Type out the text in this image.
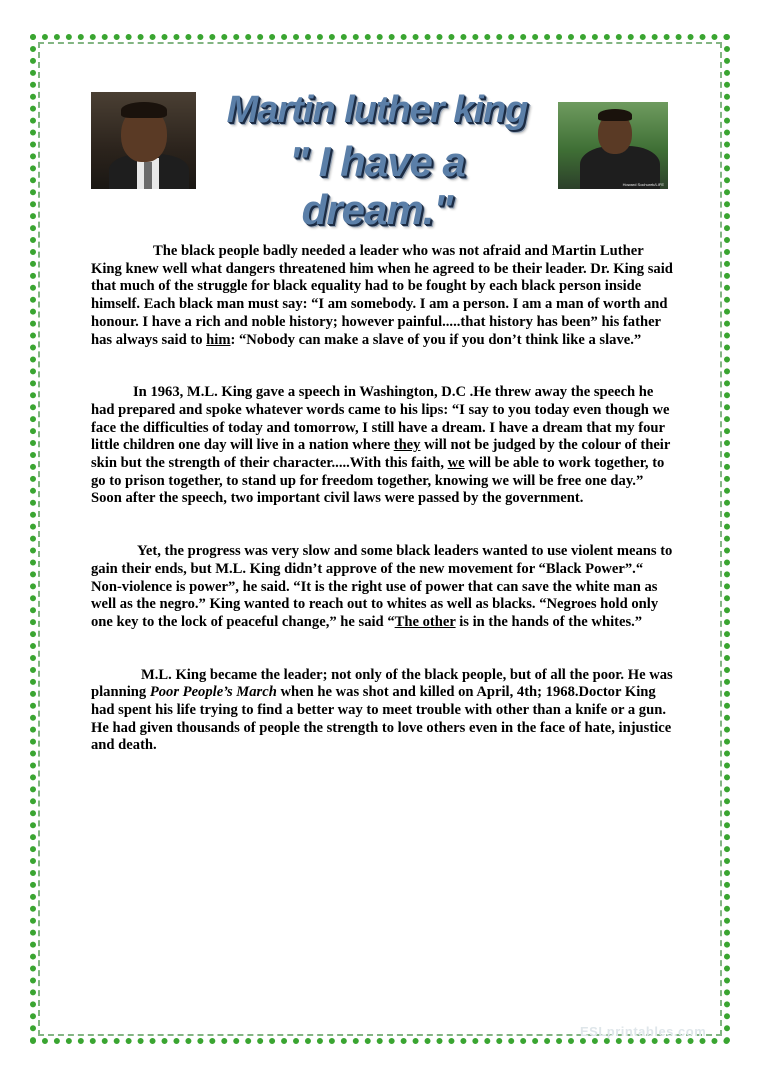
Martin luther king
" I have a dream."
Howard Sochurek/LIFE

The black people badly needed a leader who was not afraid and Martin Luther King knew well what dangers threatened him when he agreed to be their leader. Dr. King said that much of the struggle for black equality had to be fought by each black person inside himself. Each black man must say: “I am somebody. I am a person. I am a man of worth and honour. I have a rich and noble history; however painful.....that history has been” his father has always said to him: “Nobody can make a slave of you if you don’t think like a slave.”

In 1963, M.L. King gave a speech in Washington, D.C .He threw away the speech he had prepared and spoke whatever words came to his lips: “I say to you today even though we face the difficulties of today and tomorrow, I still have a dream. I have a dream that my four little children one day will live in a nation where they will not be judged by the colour of their skin but the strength of their character.....With this faith, we will be able to work together, to go to prison together, to stand up for freedom together, knowing we will be free one day.” Soon after the speech, two important civil laws were passed by the government.

Yet, the progress was very slow and some black leaders wanted to use violent means to gain their ends, but M.L. King didn’t approve of the new movement for “Black Power”.“ Non-violence is power”, he said. “It is the right use of power that can save the white man as well as the negro.” King wanted to reach out to whites as well as blacks. “Negroes hold only one key to the lock of peaceful change,” he said “The other is in the hands of the whites.”

M.L. King became the leader; not only of the black people, but of all the poor. He was planning Poor People’s March when he was shot and killed on April, 4th; 1968.Doctor King had spent his life trying to find a better way to meet trouble with other than a knife or a gun. He had given thousands of people the strength to love others even in the face of hate, injustice and death.

ESLprintables.com
